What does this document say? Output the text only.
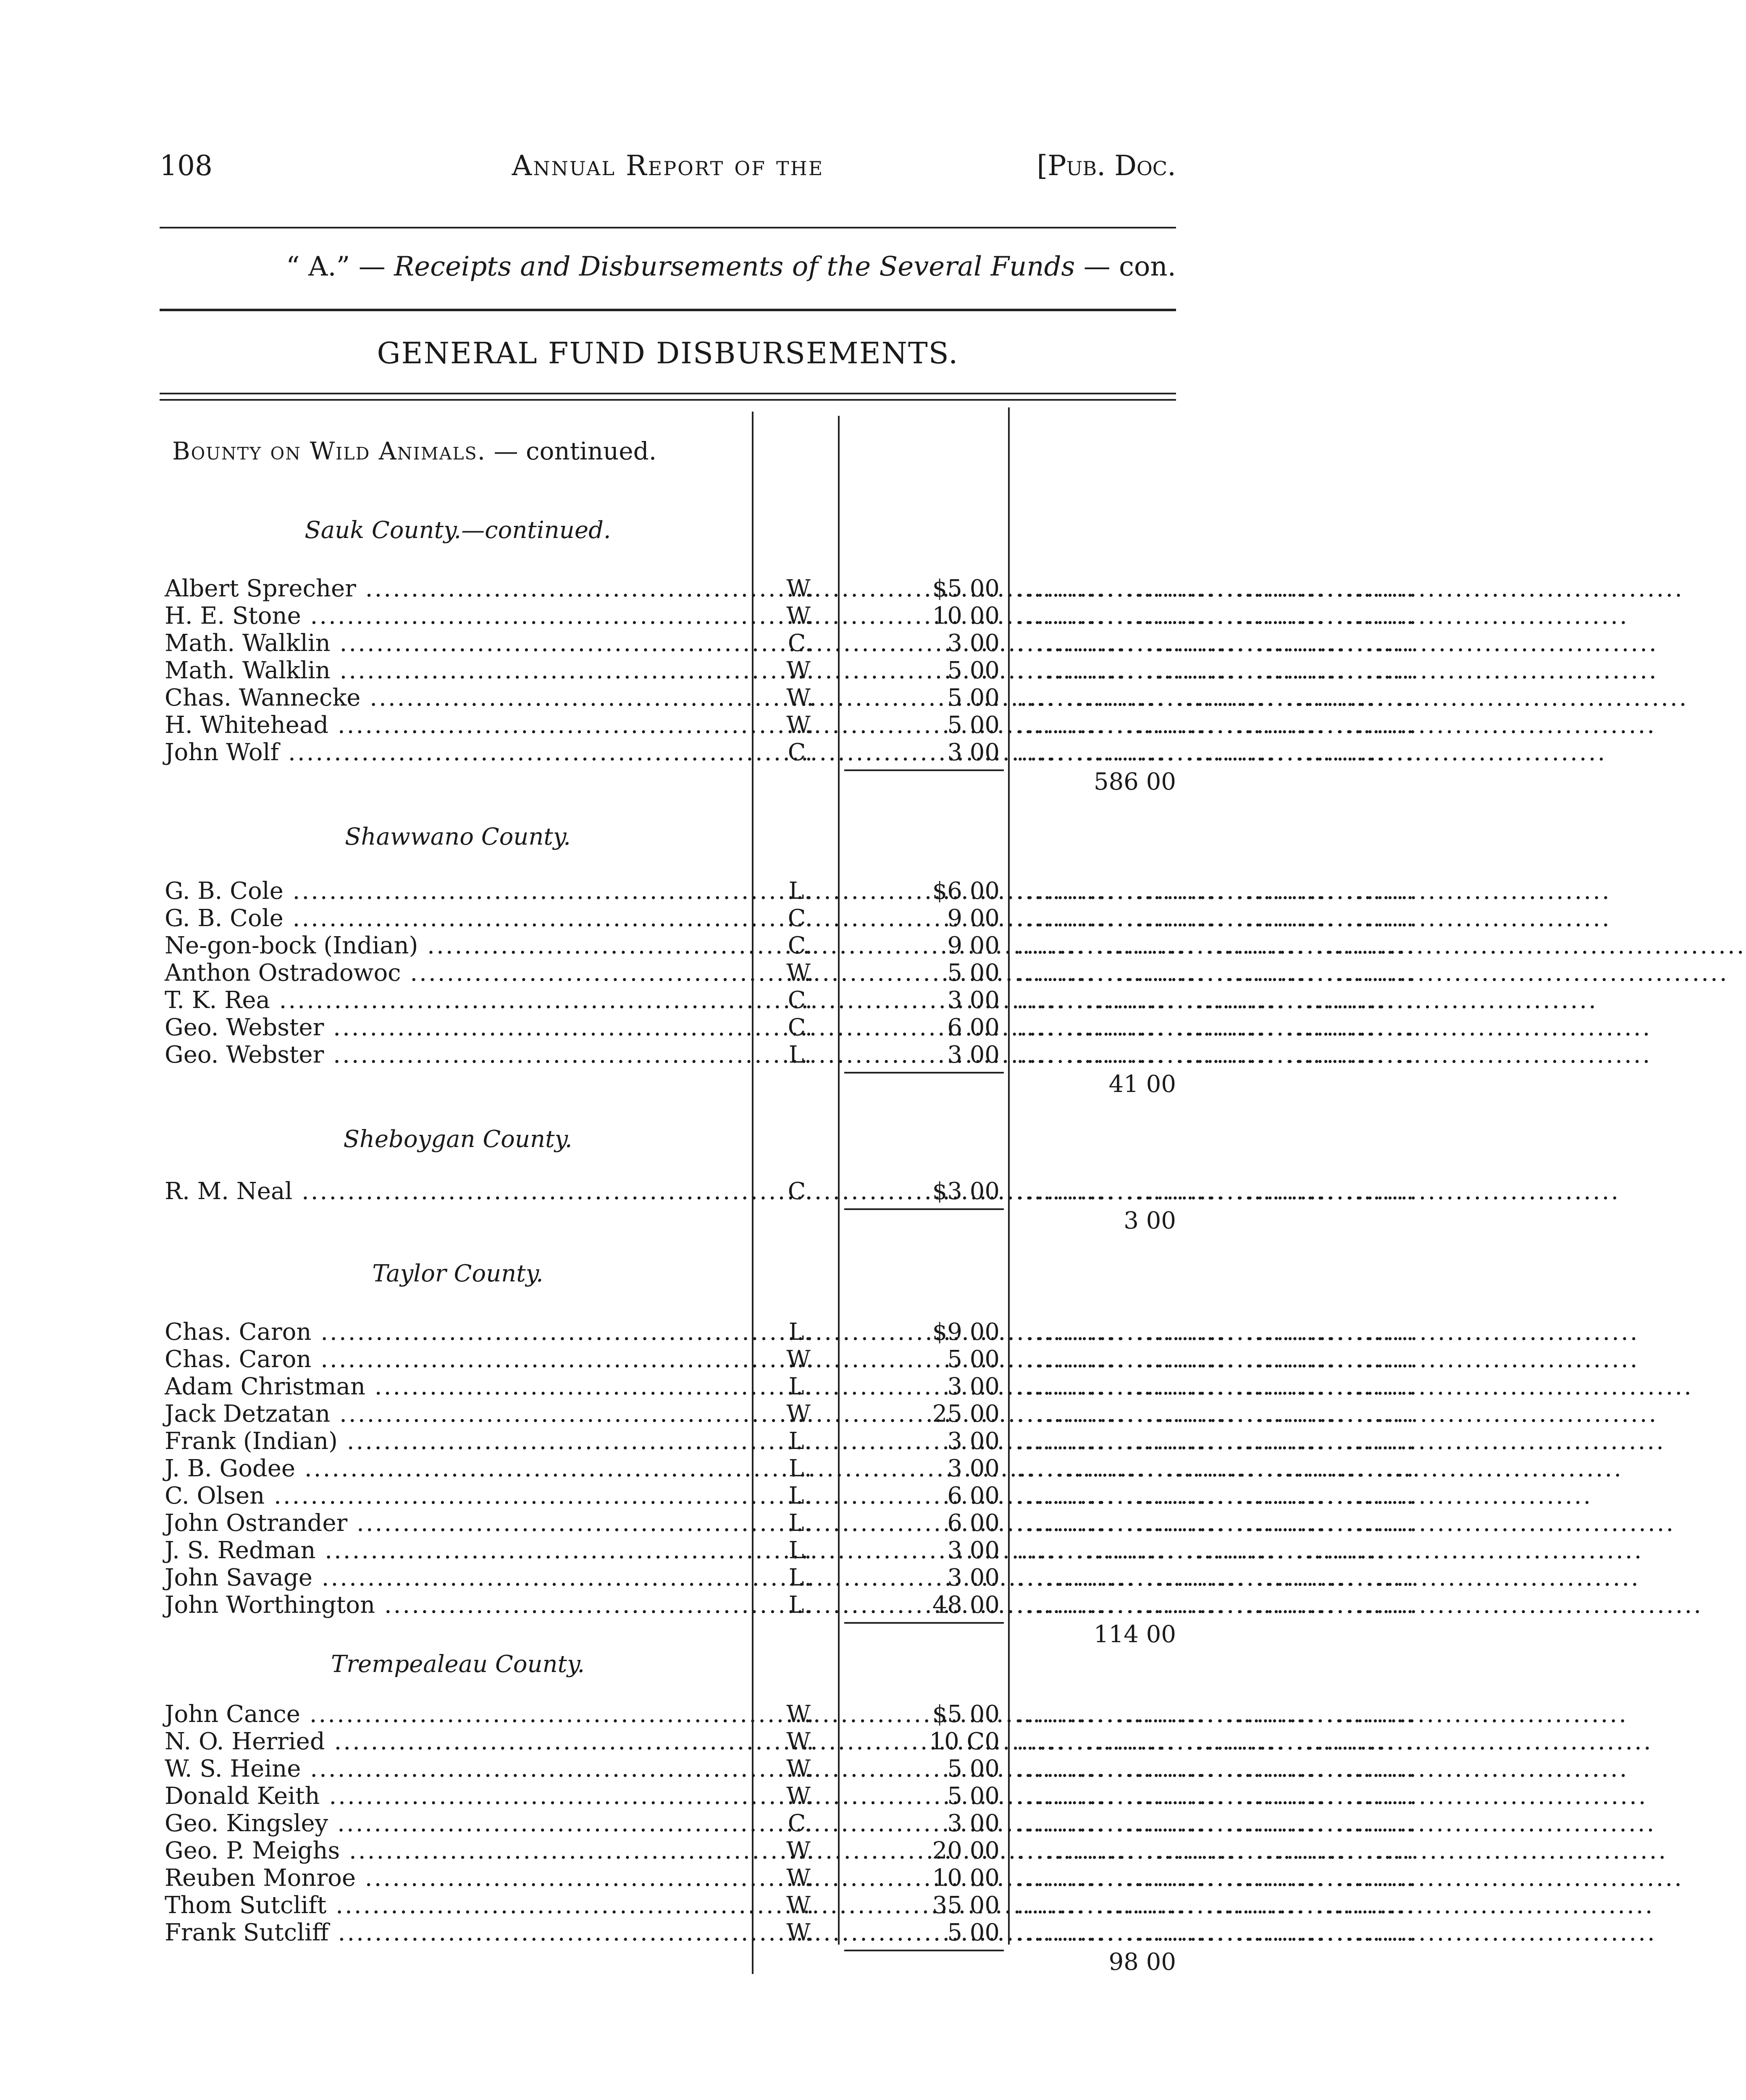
108	Annual Report of the	[Pub. Doc.
“ A.” — Receipts and Disbursements of the Several Funds — con.
GENERAL FUND DISBURSEMENTS.
Bounty on Wild Animals. — continued.
Sauk County.—continued.
Albert Sprecher .....	W.	$5 00 ........................................
H. E. Stone .....	W.	10 00 ........................................
Math. Walklin .....	C.	3 00 ........................................
Math. Walklin .....	W.	5 00 ........................................
Chas. Wannecke .....	W.	5 00 ........................................
H. Whitehead .....	W.	5 00 ........................................
John Wolf .....	C.	3 00 ........................................
586 00
Shawwano County.
G. B. Cole .....	L.	$6 00 ........................................
G. B. Cole .....	C.	9 00 ........................................
Ne-gon-bock (Indian) .....	C.	9 00 ........................................
Anthon Ostradowoc .....	W.	5 00 ........................................
T. K. Rea .....	C.	3 00 ........................................
Geo. Webster .....	C.	6 00 ........................................
Geo. Webster .....	L.	3 00 ........................................
41 00
Sheboygan County.
R. M. Neal .....	C.	$3 00 ........................................
3 00
Taylor County.
Chas. Caron .....	L.	$9 00 ........................................
Chas. Caron .....	W.	5 00 ........................................
Adam Christman .....	L.	3 00 ........................................
Jack Detzatan .....	W.	25 00 ........................................
Frank (Indian) .....	L.	3 00 ........................................
J. B. Godee .....	L.	3 00 ........................................
C. Olsen .....	L.	6 00 ........................................
John Ostrander .....	L.	6 00 ........................................
J. S. Redman .....	L.	3 00 ........................................
John Savage .....	L.	3 00 ........................................
John Worthington .....	L.	48 00 ........................................
114 00
Trempealeau County.
John Cance .....	W.	$5 00 ........................................
N. O. Herried .....	W.	10 C0 ........................................
W. S. Heine .....	W.	5 00 ........................................
Donald Keith .....	W.	5 00 ........................................
Geo. Kingsley .....	C.	3 00 ........................................
Geo. P. Meighs .....	W.	20 00 ........................................
Reuben Monroe .....	W.	10 00 ........................................
Thom Sutclift .....	W.	35 00 ........................................
Frank Sutcliff .....	W.	5 00 ........................................
98 00
